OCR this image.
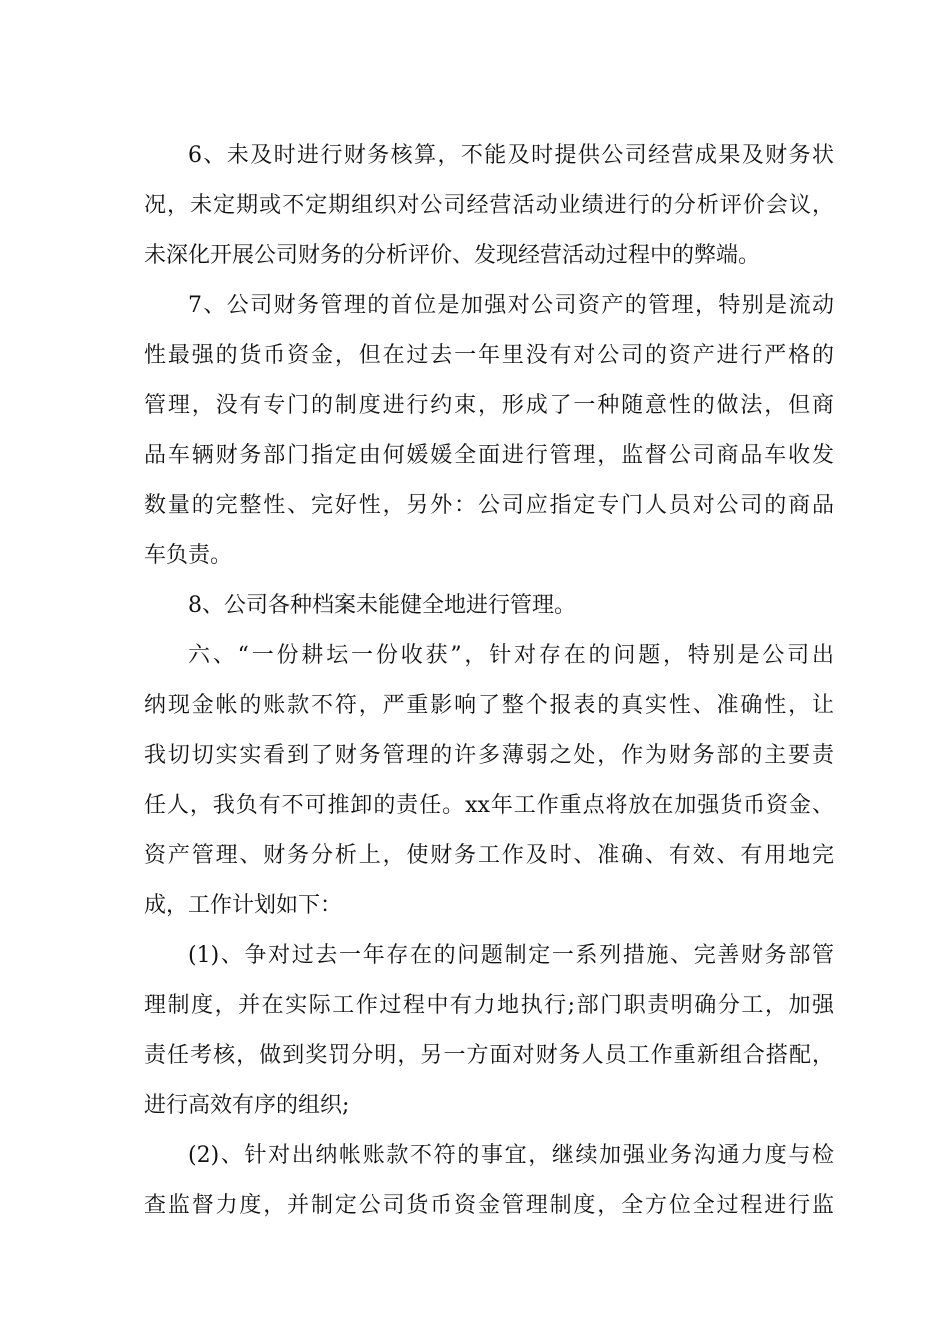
6、未及时进行财务核算，不能及时提供公司经营成果及财务状
况，未定期或不定期组织对公司经营活动业绩进行的分析评价会议，
未深化开展公司财务的分析评价、发现经营活动过程中的弊端。
7、公司财务管理的首位是加强对公司资产的管理，特别是流动
性最强的货币资金，但在过去一年里没有对公司的资产进行严格的
管理，没有专门的制度进行约束，形成了一种随意性的做法，但商
品车辆财务部门指定由何媛媛全面进行管理，监督公司商品车收发
数量的完整性、完好性，另外：公司应指定专门人员对公司的商品
车负责。
8、公司各种档案未能健全地进行管理。
六、“一份耕坛一份收获”，针对存在的问题，特别是公司出
纳现金帐的账款不符，严重影响了整个报表的真实性、准确性，让
我切切实实看到了财务管理的许多薄弱之处，作为财务部的主要责
任人，我负有不可推卸的责任。xx年工作重点将放在加强货币资金、
资产管理、财务分析上，使财务工作及时、准确、有效、有用地完
成，工作计划如下：
(1)、争对过去一年存在的问题制定一系列措施、完善财务部管
理制度，并在实际工作过程中有力地执行;部门职责明确分工，加强
责任考核，做到奖罚分明，另一方面对财务人员工作重新组合搭配，
进行高效有序的组织;
(2)、针对出纳帐账款不符的事宜，继续加强业务沟通力度与检
查监督力度，并制定公司货币资金管理制度，全方位全过程进行监
